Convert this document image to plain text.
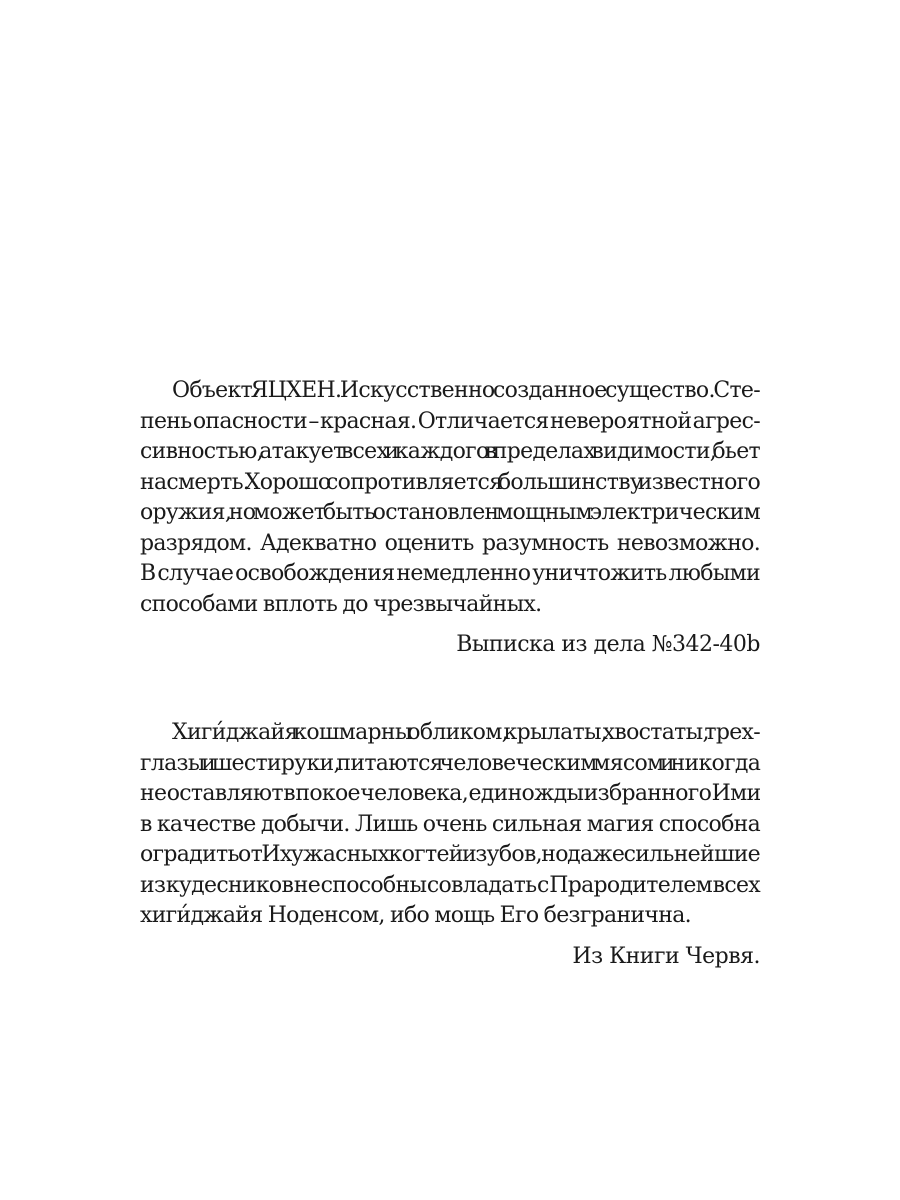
Объект ЯЦХЕН. Искусственно созданное существо. Сте-
пень опасности – красная. Отличается невероятной агрес-
сивностью, атакует всех и каждого в пределах видимости, бьет
насмерть. Хорошо сопротивляется большинству известного
оружия, но может быть остановлен мощным электрическим
разрядом. Адекватно оценить разумность невозможно.
В случае освобождения немедленно уничтожить любыми
способами вплоть до чрезвычайных.

Выписка из дела №342-40b

Хиги́джайя кошмарны обликом, крылаты, хвостаты, трех-
глазы и шестируки, питаются человеческим мясом и никогда
не оставляют в покое человека, единожды избранного Ими
в качестве добычи. Лишь очень сильная магия способна
оградить от Их ужасных когтей и зубов, но даже сильнейшие
из кудесников не способны совладать с Прародителем всех
хиги́джайя Ноденсом, ибо мощь Его безгранична.

Из Книги Червя.
